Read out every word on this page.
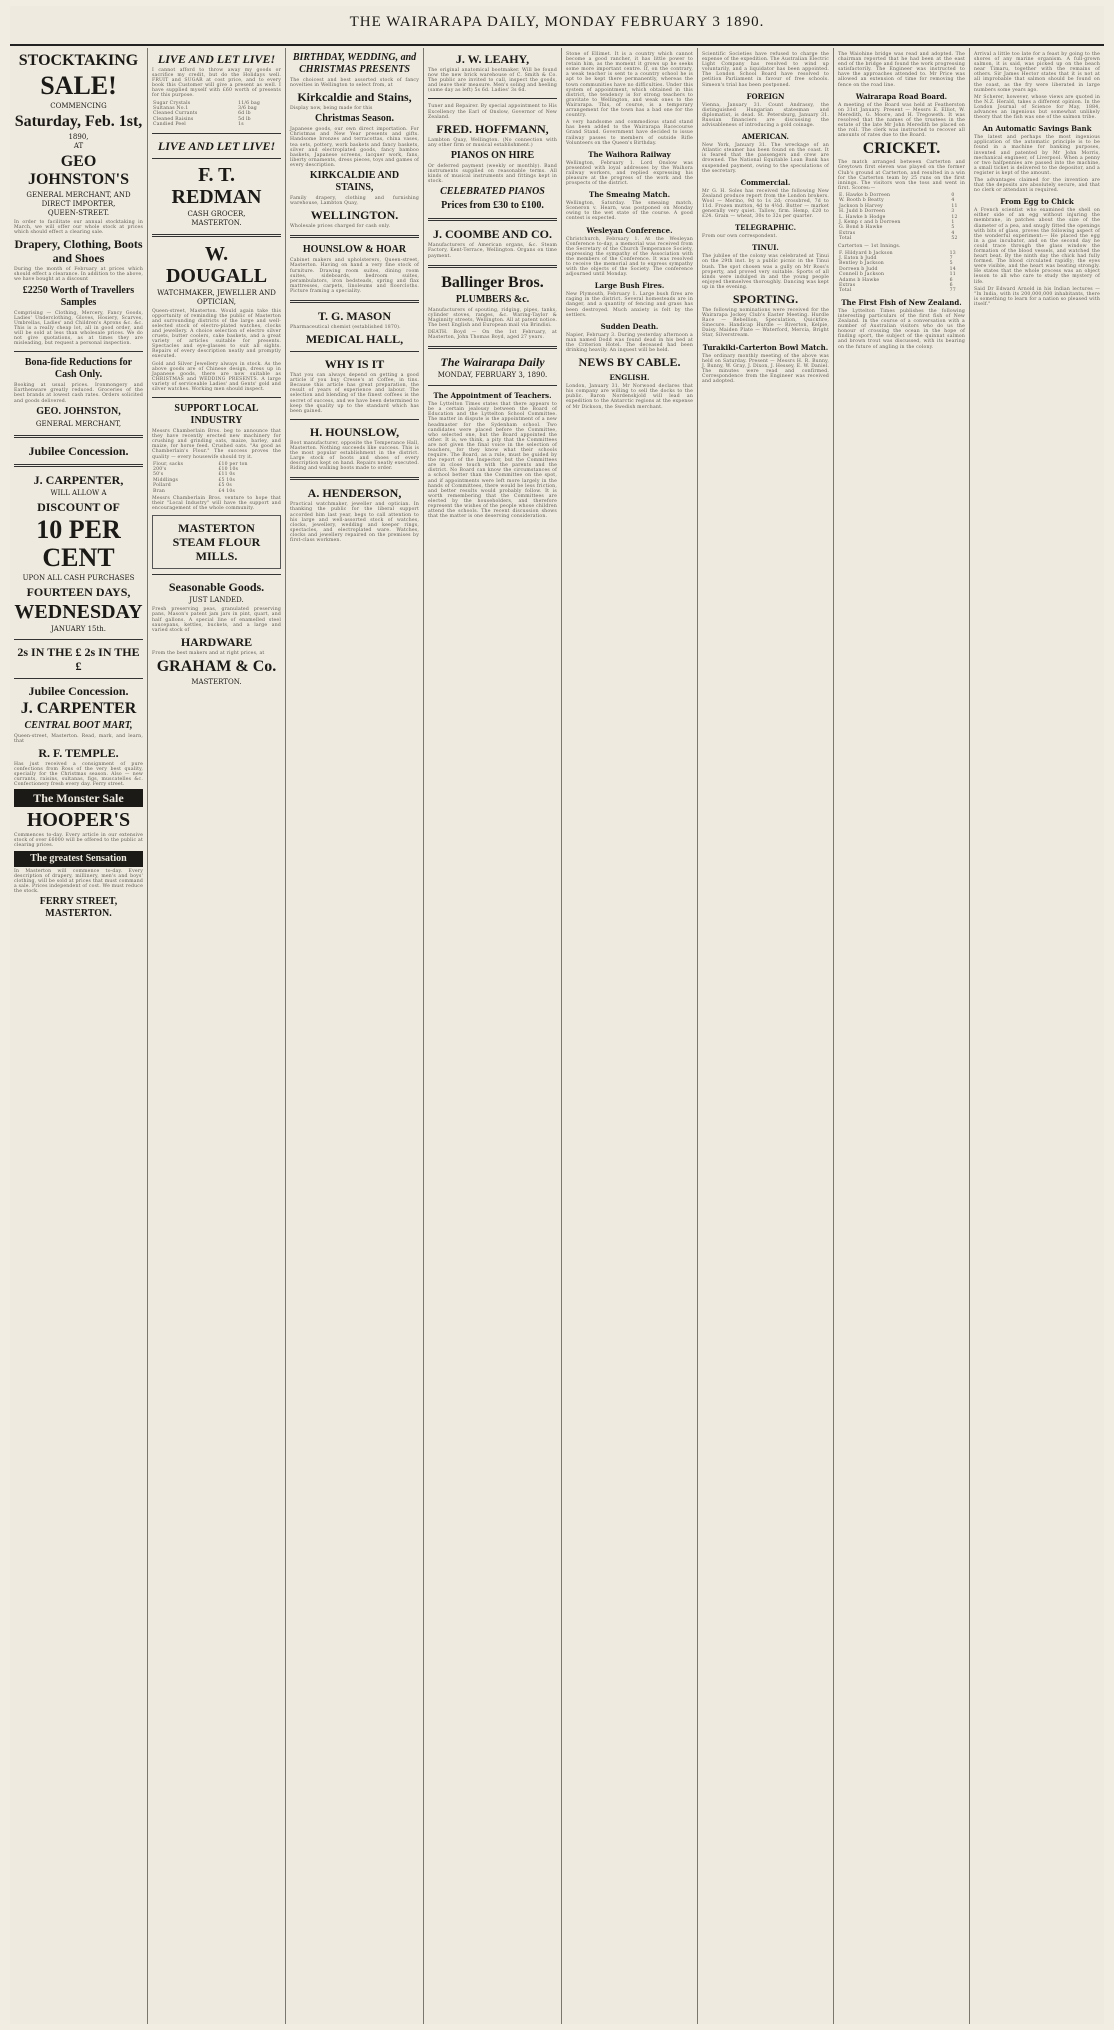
THE WAIRARAPA DAILY, MONDAY FEBRUARY 3 1890.
STOCKTAKING
SALE!
COMMENCING
Saturday, Feb. 1st,
1890,
AT
GEO JOHNSTON'S
GENERAL MERCHANT, AND
DIRECT IMPORTER,
QUEEN-STREET.
In order to facilitate our annual stocktaking in March, we will offer our whole stock at prices which should effect a clearing sale.
Drapery, Clothing, Boots and Shoes
During the month of February at prices which should effect a clearance. In addition to the above, we have bought at a discount
£2250 Worth of Travellers Samples
Comprising — Clothing, Mercery, Fancy Goods, Ladies' Underclothing, Gloves, Hosiery, Scarves, Umbrellas, Ladies' and Children's Aprons &c. &c. This is a really cheap lot, all in good order, and will be sold at less than wholesale prices. We do not give quotations, as at times they are misleading, but request a personal inspection.
Bona-fide Reductions for Cash Only.
Booking at usual prices. Ironmongery and Earthenware greatly reduced. Groceries of the best brands at lowest cash rates. Orders solicited and goods delivered.
GEO. JOHNSTON,
GENERAL MERCHANT,
Jubilee Concession.
J. CARPENTER,
WILL ALLOW A
DISCOUNT OF
10 PER CENT
UPON ALL CASH PURCHASES
FOURTEEN DAYS,
WEDNESDAY
JANUARY 15th.
2s IN THE £ 2s IN THE £
Jubilee Concession.
J. CARPENTER
CENTRAL BOOT MART,
Queen-street, Masterton. Read, mark, and learn, that
R. F. TEMPLE.
Has just received a consignment of pure confections from Ross of the very best quality, specially for the Christmas season. Also — new currants, raisins, sultanas, figs, muscatelles &c. Confectionery fresh every day. Ferry street.
The Monster Sale
HOOPER'S
Commences to-day. Every article in our extensive stock of over £6000 will be offered to the public at clearing prices.
The greatest Sensation
In Masterton will commence to-day. Every description of drapery, millinery, men's and boys' clothing, will be sold at prices that must command a sale. Prices independent of cost. We must reduce the stock.
FERRY STREET, MASTERTON.
LIVE AND LET LIVE!
I cannot afford to throw away my goods or sacrifice my credit, but do the Holidays well. FRUIT and SUGAR at cost price, and to every book this Customer will give a present as well. I have supplied myself with £60 worth of presents for this purpose.
Sugar Crystals	11/6 bag
Sultanas No.1	3/6 bag
Cleaned Currants	6d lb
Cleaned Raisins	5d lb
Candied Peel	1s
LIVE AND LET LIVE!
F. T. REDMAN
CASH GROCER,
MASTERTON.
W. DOUGALL
WATCHMAKER, JEWELLER AND OPTICIAN,
Queen-street, Masterton. Would again take this opportunity of reminding the public of Masterton and surrounding districts of the large and well-selected stock of electro-plated watches, clocks and jewellery. A choice selection of electro silver cruets, butter coolers, cake baskets, and a great variety of articles suitable for presents. Spectacles and eye-glasses to suit all sights. Repairs of every description neatly and promptly executed.
Gold and Silver Jewellery always in stock. As the above goods are of Chinese design, dress up in Japanese goods, there are now suitable as CHRISTMAS and WEDDING PRESENTS. A large variety of serviceable Ladies' and Gents' gold and silver watches. Working men should inspect.
SUPPORT LOCAL INDUSTRY
Messrs Chamberlain Bros. beg to announce that they have recently erected new machinery for crushing and grinding oats, maize, barley, and maize, for horse feed. Crushed oats. "As good as Chamberlain's Flour." The success proves the quality — every housewife should try it.
Flour, sacks	£10 per ton
200's	£10 10s
50's	£11 0s
Middlings	£5 10s
Pollard	£5 0s
Bran	£4 10s
Messrs Chamberlain Bros. venture to hope that their "Local Industry" will have the support and encouragement of the whole community.
MASTERTON STEAM FLOUR MILLS.
Seasonable Goods.
JUST LANDED.
Fresh preserving peas, granulated preserving pans, Mason's patent jam jars in pint, quart, and half gallons. A special line of enamelled steel saucepans, kettles, buckets, and a large and varied stock of
HARDWARE
From the best makers and at right prices, at
GRAHAM & Co.
MASTERTON.
BIRTHDAY, WEDDING, and CHRISTMAS PRESENTS
The choicest and best assorted stock of fancy novelties in Wellington to select from, at
Kirkcaldie and Stains,
Display now, being made for this
Christmas Season.
Japanese goods, our own direct importation. For Christmas and New Year presents and gifts. Handsome bronzes and terracottas, china vases, tea sets, pottery, work baskets and fancy baskets, silver and electroplated goods, fancy bamboo baskets, Japanese screens, lacquer work, fans, liberty ornaments, dress pieces, toys and games of every description.
KIRKCALDIE AND STAINS,
Family drapery, clothing and furnishing warehouse, Lambton Quay,
WELLINGTON.
Wholesale prices charged for cash only.
HOUNSLOW & HOAR
Cabinet makers and upholsterers, Queen-street, Masterton. Having on hand a very fine stock of furniture. Drawing room suites, dining room suites, sideboards, bedroom suites, perambulators, iron bedsteads, spring and flax mattresses, carpets, linoleums and floorcloths. Picture framing a speciality.
T. G. MASON
Pharmaceutical chemist (established 1870).
MEDICAL HALL,
WHY IS IT
That you can always depend on getting a good article if you buy Cresse's at Coffee, in tins. Because this article has great preparation, the result of years of experience and labour. The selection and blending of the finest coffees is the secret of success, and we have been determined to keep the quality up to the standard which has been gained.
H. HOUNSLOW,
Boot manufacturer, opposite the Temperance Hall, Masterton. Nothing succeeds like success. This is the most popular establishment in the district. Large stock of boots and shoes of every description kept on hand. Repairs neatly executed. Riding and walking boots made to order.
A. HENDERSON,
Practical watchmaker, jeweller and optician. In thanking the public for the liberal support accorded him last year, begs to call attention to his large and well-assorted stock of watches, clocks, jewellery, wedding and keeper rings, spectacles, and electroplated ware. Watches, clocks and jewellery repaired on the premises by first-class workmen.
J. W. LEAHY,
The original anatomical bootmaker. Will be found now the new brick warehouse of C. Smith & Co. The public are invited to call, inspect the goods, and leave their measure. Men's soling and heeling (same day as left) 5s 6d. Ladies' 3s 6d.
Tuner and Repairer. By special appointment to His Excellency the Earl of Onslow, Governor of New Zealand.
FRED. HOFFMANN,
Lambton Quay, Wellington. (No connection with any other firm or musical establishment.)
PIANOS ON HIRE
Or deferred payment (weekly or monthly). Band instruments supplied on reasonable terms. All kinds of musical instruments and fittings kept in stock.
CELEBRATED PIANOS
Prices from £30 to £100.
J. COOMBE AND CO.
Manufacturers of American organs, &c. Steam Factory, Kent-Terrace, Wellington. Organs on time payment.
Ballinger Bros.
PLUMBERS &c.
Manufacturers of spouting, ridging, pipes, tanks, cylinder stoves, ranges, &c. Waring-Taylor & Maginnity streets, Wellington. All at patent notice. The best English and European mail via Brindisi.
DEATH. Boyd — On the 1st February, at Masterton, John Thomas Boyd, aged 27 years.
The Wairarapa Daily
MONDAY, FEBRUARY 3, 1890.
The Appointment of Teachers.
The Lyttelton Times states that there appears to be a certain jealousy between the Board of Education and the Lyttelton School Committee. The matter in dispute is the appointment of a new headmaster for the Sydenham school. Two candidates were placed before the Committee, who selected one, but the Board appointed the other. It is, we think, a pity that the Committees are not given the final voice in the selection of teachers, for they know what their schools require. The Board, as a rule, must be guided by the report of the Inspector, but the Committees are in close touch with the parents and the district. No Board can know the circumstances of a school better than the Committee on the spot, and if appointments were left more largely in the hands of Committees, there would be less friction, and better results would probably follow. It is worth remembering that the Committees are elected by the householders, and therefore represent the wishes of the people whose children attend the schools. The recent discussion shows that the matter is one deserving consideration.
Stone of Ellimet. It is a country which cannot become a good rancher, it has little power to retain him, as the moment it grows up he seeks some more important centre. If, on the contrary, a weak teacher is sent to a country school he is apt to be kept there permanently, whereas the town communities have no difficulties. Under this system of appointment, which obtained in this district, the tendency is for strong teachers to gravitate to Wellington, and weak ones to the Wairarapa. This, of course, is a temporary arrangement for the town has a bad one for the country.
A very handsome and commodious stand stand has been added to the Wairarapa Racecourse Grand Stand. Government have decided to issue railway passes to members of outside Rifle Volunteers on the Queen's Birthday.
The Waihora Railway
Wellington, February 1. Lord Onslow was presented with loyal addresses by the Waihora railway workers, and replied expressing his pleasure at the progress of the work and the prospects of the district.
The Smeaing Match.
Wellington, Saturday. The smeaing match, Sceneron v. Hearn, was postponed on Monday owing to the wet state of the course. A good contest is expected.
Wesleyan Conference.
Christchurch, February 1. At the Wesleyan Conference to-day, a memorial was received from the Secretary of the Church Temperance Society, expressing the sympathy of the Association with the members of the Conference. It was resolved to receive the memorial and to express sympathy with the objects of the Society. The conference adjourned until Monday.
Large Bush Fires.
New Plymouth, February 1. Large bush fires are raging in the district. Several homesteads are in danger, and a quantity of fencing and grass has been destroyed. Much anxiety is felt by the settlers.
Sudden Death.
Napier, February 3. During yesterday afternoon a man named Dodd was found dead in his bed at the Criterion Hotel. The deceased had been drinking heavily. An inquest will be held.
NEWS BY CABLE.
ENGLISH.
London, January 31. Mr Norwood declares that his company are willing to sell the docks to the public. Baron Nordenskjold will lead an expedition to the Antarctic regions at the expense of Mr Dickson, the Swedish merchant.
Scientific Societies have refused to charge the expense of the expedition. The Australian Electric Light Company has resolved to wind up voluntarily, and a liquidator has been appointed. The London School Board have resolved to petition Parliament in favour of free schools. Simeon's trial has been postponed.
FOREIGN
Vienna, January 31. Count Andrassy, the distinguished Hungarian statesman and diplomatist, is dead. St. Petersburg, January 31. Russian financiers are discussing the advisableness of introducing a gold coinage.
AMERICAN.
New York, January 31. The wreckage of an Atlantic steamer has been found on the coast. It is feared that the passengers and crew are drowned. The National Equitable Loan Bank has suspended payment, owing to the speculations of the secretary.
Commercial.
Mr G. H. Soles has received the following New Zealand produce report from the London brokers. Wool — Merino, 9d to 1s 2d; crossbred, 7d to 11d. Frozen mutton, 4d to 4½d. Butter — market generally very quiet. Tallow, firm. Hemp, £20 to £24. Grain — wheat, 30s to 32s per quarter.
TELEGRAPHIC.
From our own correspondent.
TINUI.
The jubilee of the colony was celebrated at Tinui on the 29th inst. by a public picnic in the Tinui bush. The spot chosen was a gully on Mr Ross's property, and proved very suitable. Sports of all kinds were indulged in and the young people enjoyed themselves thoroughly. Dancing was kept up in the evening.
SPORTING.
The following nominations were received for the Wairarapa Jockey Club's Easter Meeting. Hurdle Race — Rebellion, Speculation, Quickfire, Sinecure. Handicap Hurdle — Riverton, Kelpie, Daisy. Maiden Plate — Waterford, Mercia, Bright Star, Silverstream.
Turakiki-Carterton Bowl Match.
The ordinary monthly meeting of the above was held on Saturday. Present — Messrs H. R. Bunny, J. Bunny, W. Gray, J. Dixon, J. Hessey, E. W. Daniel. The minutes were read and confirmed. Correspondence from the Engineer was received and adopted.
The Waiohine bridge was read and adopted. The chairman reported that he had been at the east end of the bridge and found the work progressing satisfactorily. The Engineer was instructed to have the approaches attended to. Mr Price was allowed an extension of time for removing the fence on the road line.
Wairarapa Road Board.
A meeting of the Board was held at Featherston on 31st January. Present — Messrs E. Elliot, W. Meredith, G. Moore, and H. Tregoweth. It was resolved that the names of the trustees in the estate of the late Mr John Meredith be placed on the roll. The clerk was instructed to recover all amounts of rates due to the Board.
CRICKET.
The match arranged between Carterton and Greytown first eleven was played on the former Club's ground at Carterton, and resulted in a win for the Carterton team by 25 runs on the first innings. The visitors won the toss and went in first. Scores:—
E. Hawke b Dorreen	0
W. Booth b Beatty	4
Jackson b Harvey	11
H. Judd b Dorreen	3
L. Hawke b Hodge	12
J. Kemp c and b Dorreen	1
G. Bond b Hawke	5
Extras	4
Total	52
Carterton — 1st Innings.
F. Hildyard b Jackson	13
J. Eaton b Judd	7
Bentley b Jackson	5
Dorreen b Judd	14
Connell b Jackson	11
Adams b Hawke	6
Extras	6
Total	77
The First Fish of New Zealand.
The Lyttelton Times publishes the following interesting particulars of the first fish of New Zealand. In the course of a conversation with a number of Australian visitors who do us the honour of crossing the ocean in the hope of finding sport, the subject of the quinnat salmon and brown trout was discussed, with its bearing on the future of angling in the colony.
Arrival a little too late for a feast by going to the shores of any marine organism. A full-grown salmon, it is said, was picked up on the beach near Timaru, together with the remains of others. Sir James Hector states that it is not at all improbable that salmon should be found on the coast, as the fry were liberated in large numbers some years ago.
Mr Scherer, however, whose views are quoted in the N.Z. Herald, takes a different opinion. In the London Journal of Science for May, 1884, advances an ingenious but somewhat unlikely theory that the fish was one of the salmon tribe.
An Automatic Savings Bank
The latest and perhaps the most ingenious application of the automatic principle is to be found in a machine for banking purposes, invented and patented by Mr John Morris, mechanical engineer, of Liverpool. When a penny or two halfpennies are passed into the machine, a small ticket is delivered to the depositor, and a register is kept of the amount.
The advantages claimed for the invention are that the deposits are absolutely secure, and that no clerk or attendant is required.
From Egg to Chick
A French scientist who examined the shell on either side of an egg without injuring the membrane, in patches about the size of the diameter of a pea, and snugly fitted the openings with bits of glass, proves the following aspect of the wonderful experiment:— He placed the egg in a gas incubator, and on the second day he could trace through the glass window the formation of the blood vessels, and watched the heart beat. By the ninth day the chick had fully formed. The blood circulated rapidly; the eyes were visible, and the heart was beating strongly. He states that the whole process was an object lesson to all who care to study the mystery of life.
Said Dr Edward Arnold in his Indian lectures — "In India, with its 200,000,000 inhabitants, there is something to learn for a nation so pleased with itself."
